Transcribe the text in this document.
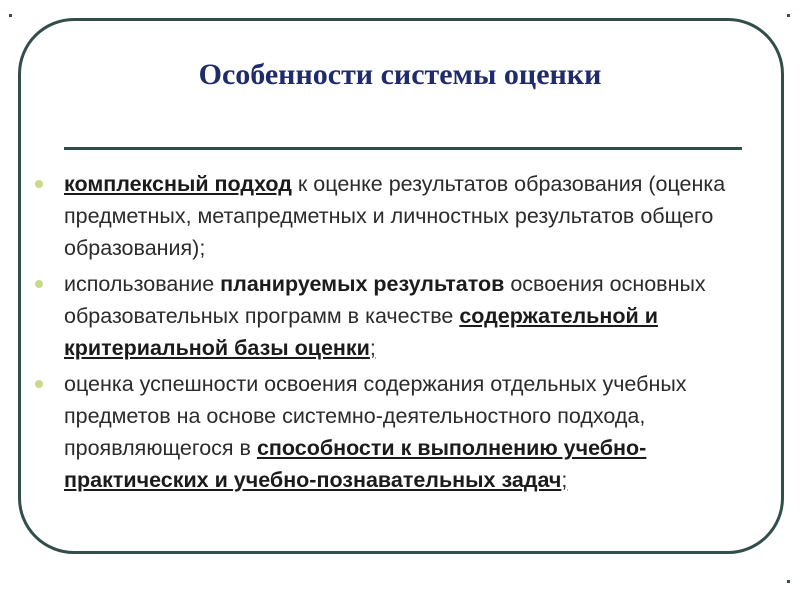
Особенности системы оценки
комплексный подход к оценке результатов образования (оценка предметных, метапредметных и личностных результатов общего образования);
использование планируемых результатов освоения основных образовательных программ в качестве содержательной и критериальной базы оценки;
оценка успешности освоения содержания отдельных учебных предметов на основе системно-деятельностного подхода, проявляющегося в способности к выполнению учебно-практических и учебно-познавательных задач;
